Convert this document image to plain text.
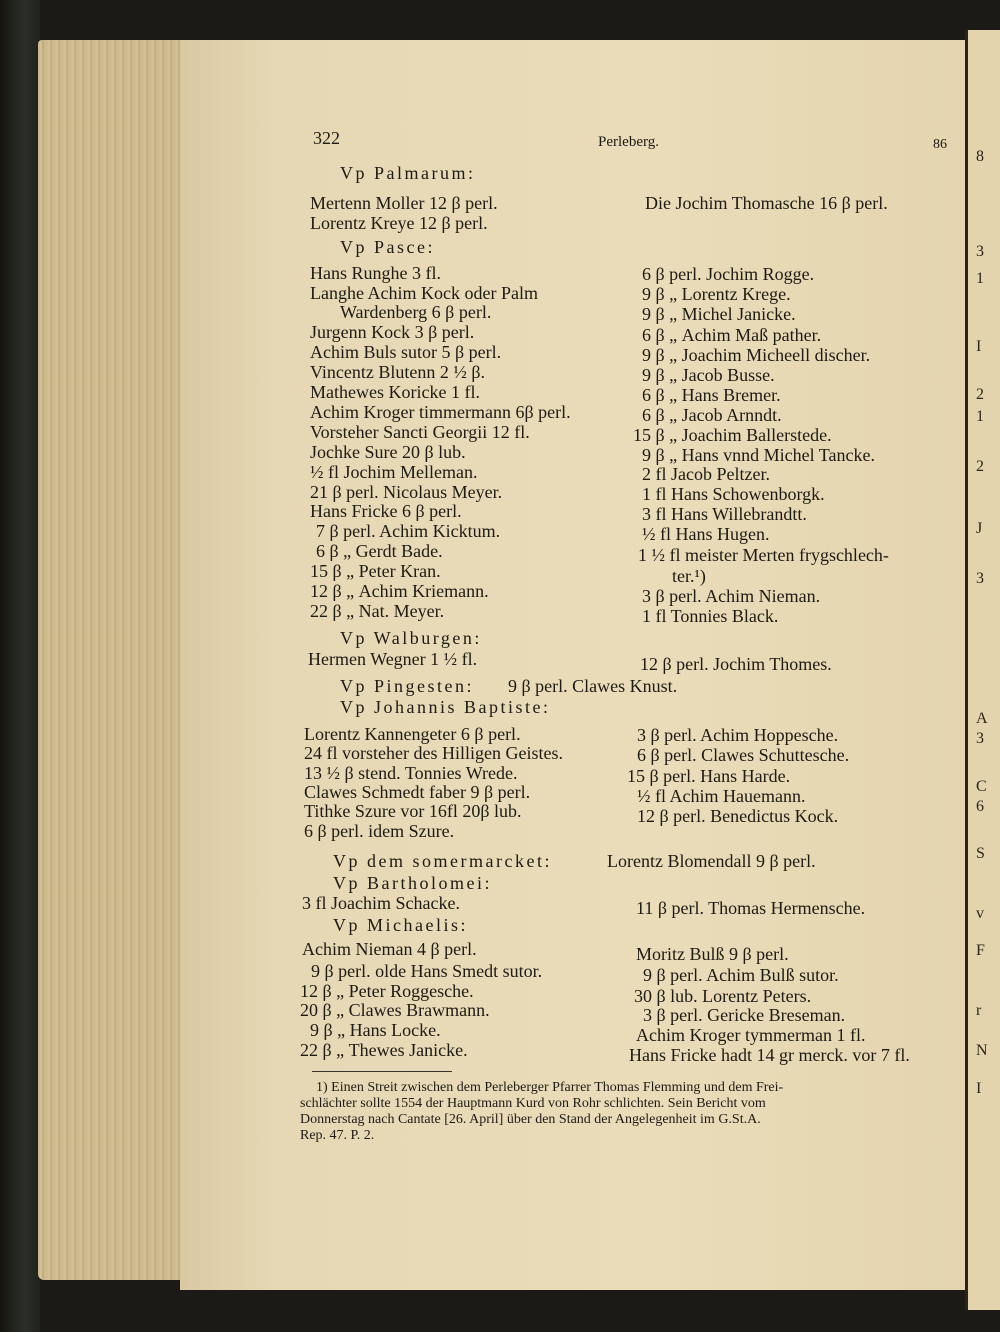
8
3
1
I
2
1
2
J
3
A
3
C
6
S
v
F
r
N
I
322	Perleberg.	86
Vp Palmarum:
Mertenn Moller 12 β perl.	Die Jochim Thomasche 16 β perl.
Lorentz Kreye 12 β perl.
Vp Pasce:
Hans Runghe 3 fl.	6 β perl. Jochim Rogge.
Langhe Achim Kock oder Palm	9 β „ Lorentz Krege.
Wardenberg 6 β perl.	9 β „ Michel Janicke.
Jurgenn Kock 3 β perl.	6 β „ Achim Maß pather.
Achim Buls sutor 5 β perl.	9 β „ Joachim Micheell discher.
Vincentz Blutenn 2 ½ β.	9 β „ Jacob Busse.
Mathewes Koricke 1 fl.	6 β „ Hans Bremer.
Achim Kroger timmermann 6β perl.	6 β „ Jacob Arnndt.
Vorsteher Sancti Georgii 12 fl.	15 β „ Joachim Ballerstede.
Jochke Sure 20 β lub.	9 β „ Hans vnnd Michel Tancke.
½ fl Jochim Melleman.	2 fl Jacob Peltzer.
21 β perl. Nicolaus Meyer.	1 fl Hans Schowenborgk.
Hans Fricke 6 β perl.	3 fl Hans Willebrandtt.
7 β perl. Achim Kicktum.	½ fl Hans Hugen.
6 β „ Gerdt Bade.	1 ½ fl meister Merten frygschlech-
15 β „ Peter Kran.	ter.¹)
12 β „ Achim Kriemann.	3 β perl. Achim Nieman.
22 β „ Nat. Meyer.	1 fl Tonnies Black.
Vp Walburgen:
Hermen Wegner 1 ½ fl.	12 β perl. Jochim Thomes.
Vp Pingesten: 9 β perl. Clawes Knust.
Vp Johannis Baptiste:
Lorentz Kannengeter 6 β perl.	3 β perl. Achim Hoppesche.
24 fl vorsteher des Hilligen Geistes.	6 β perl. Clawes Schuttesche.
13 ½ β stend. Tonnies Wrede.	15 β perl. Hans Harde.
Clawes Schmedt faber 9 β perl.	½ fl Achim Hauemann.
Tithke Szure vor 16fl 20β lub.	12 β perl. Benedictus Kock.
6 β perl. idem Szure.
Vp dem somermarcket:	Lorentz Blomendall 9 β perl.
Vp Bartholomei:
3 fl Joachim Schacke.	11 β perl. Thomas Hermensche.
Vp Michaelis:
Achim Nieman 4 β perl.	Moritz Bulß 9 β perl.
9 β perl. olde Hans Smedt sutor.	9 β perl. Achim Bulß sutor.
12 β „ Peter Roggesche.	30 β lub. Lorentz Peters.
20 β „ Clawes Brawmann.	3 β perl. Gericke Breseman.
9 β „ Hans Locke.	Achim Kroger tymmerman 1 fl.
22 β „ Thewes Janicke.	Hans Fricke hadt 14 gr merck. vor 7 fl.
1) Einen Streit zwischen dem Perleberger Pfarrer Thomas Flemming und dem Frei-
schlächter sollte 1554 der Hauptmann Kurd von Rohr schlichten. Sein Bericht vom
Donnerstag nach Cantate [26. April] über den Stand der Angelegenheit im G.St.A.
Rep. 47. P. 2.
